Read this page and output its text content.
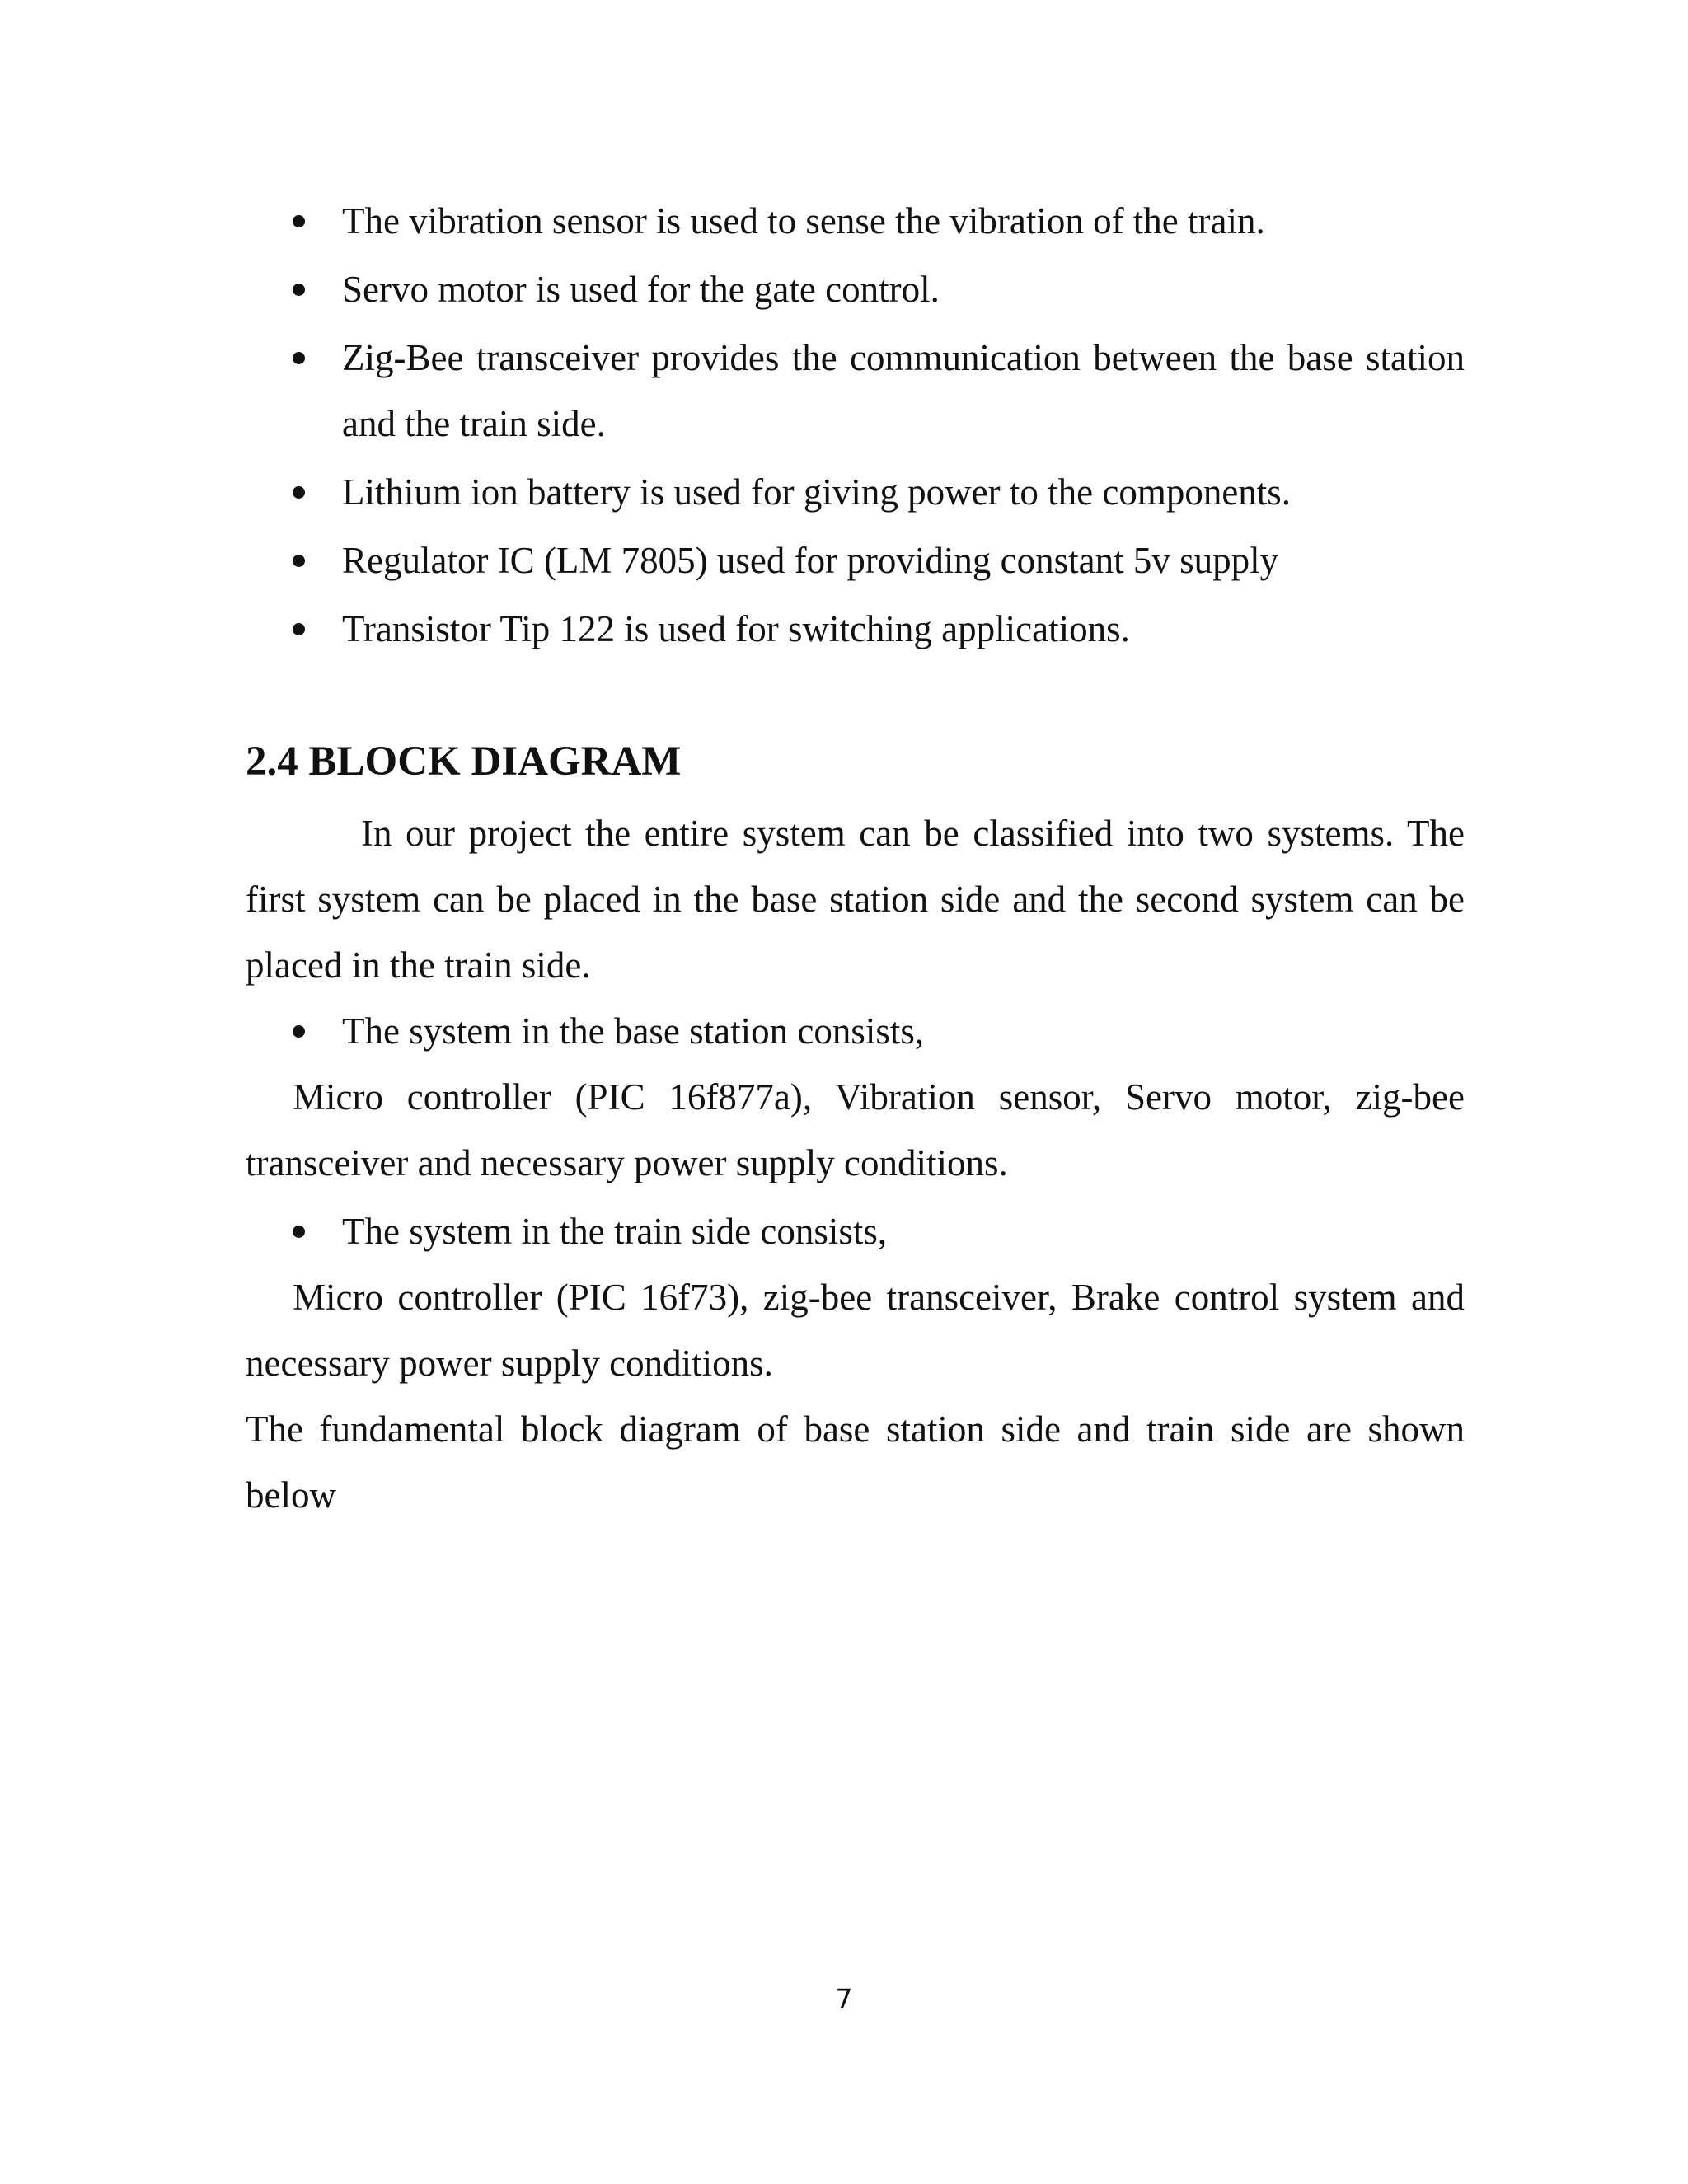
The vibration sensor is used to sense the vibration of the train.
Servo motor is used for the gate control.
Zig-Bee transceiver provides the communication between the base station
and the train side.
Lithium ion battery is used for giving power to the components.
Regulator IC (LM 7805) used for providing constant 5v supply
Transistor Tip 122 is used for switching applications.
2.4 BLOCK DIAGRAM
In our project the entire system can be classified into two systems. The
first system can be placed in the base station side and the second system can be
placed in the train side.
The system in the base station consists,
Micro controller (PIC 16f877a), Vibration sensor, Servo motor, zig-bee
transceiver and necessary power supply conditions.
The system in the train side consists,
Micro controller (PIC 16f73), zig-bee transceiver, Brake control system and
necessary power supply conditions.
The fundamental block diagram of base station side and train side are shown
below
7
